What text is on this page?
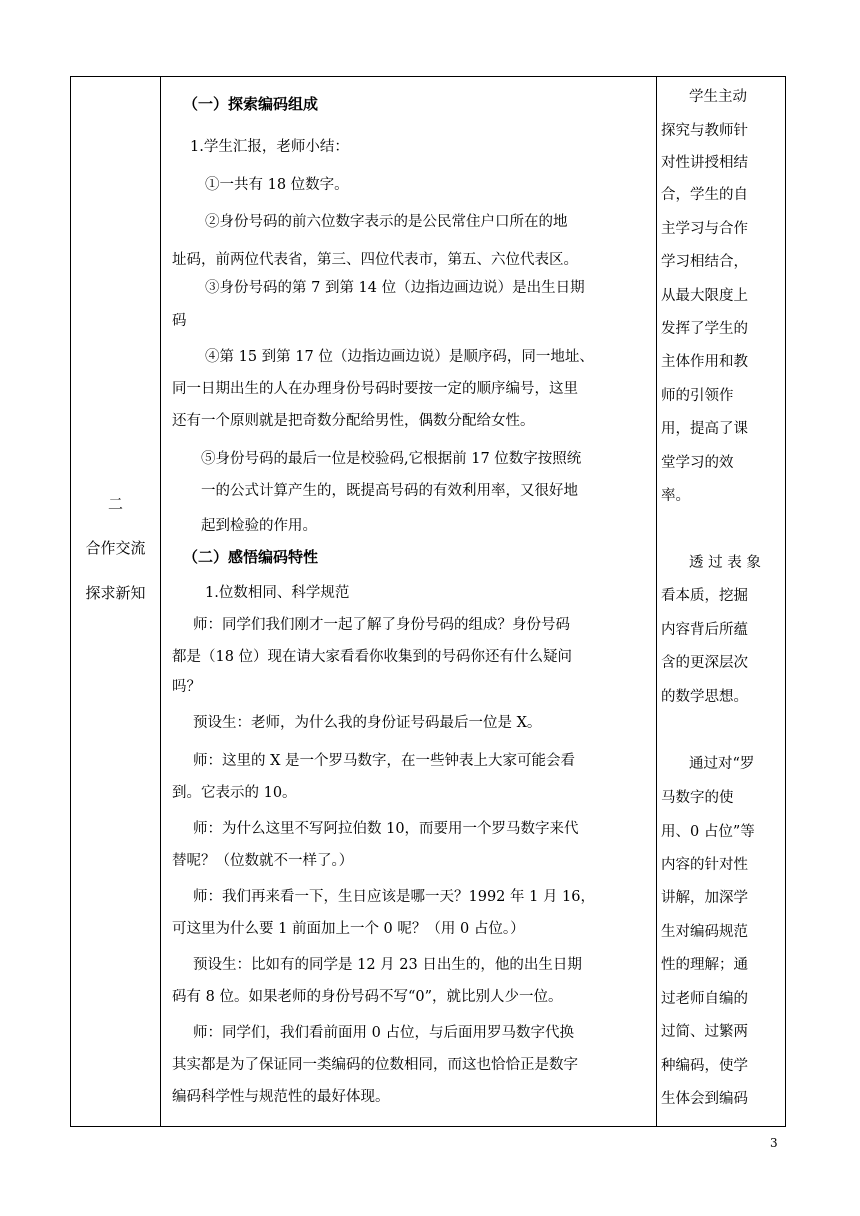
二
合作交流
探求新知
（一）探索编码组成
1.学生汇报，老师小结：
①一共有 18 位数字。
②身份号码的前六位数字表示的是公民常住户口所在的地
址码，前两位代表省，第三、四位代表市，第五、六位代表区。
③身份号码的第 7 到第 14 位（边指边画边说）是出生日期
码
④第 15 到第 17 位（边指边画边说）是顺序码，同一地址、
同一日期出生的人在办理身份号码时要按一定的顺序编号，这里
还有一个原则就是把奇数分配给男性，偶数分配给女性。
⑤身份号码的最后一位是校验码,它根据前 17 位数字按照统
一的公式计算产生的，既提高号码的有效利用率，又很好地
起到检验的作用。
（二）感悟编码特性
1.位数相同、科学规范
师：同学们我们刚才一起了解了身份号码的组成？身份号码
都是（18 位）现在请大家看看你收集到的号码你还有什么疑问
吗？
预设生：老师，为什么我的身份证号码最后一位是 X。
师：这里的 X 是一个罗马数字，在一些钟表上大家可能会看
到。它表示的 10。
师：为什么这里不写阿拉伯数 10，而要用一个罗马数字来代
替呢？（位数就不一样了。）
师：我们再来看一下，生日应该是哪一天？1992 年 1 月 16，
可这里为什么要 1 前面加上一个 0 呢？（用 0 占位。）
预设生：比如有的同学是 12 月 23 日出生的，他的出生日期
码有 8 位。如果老师的身份号码不写“0”，就比别人少一位。
师：同学们，我们看前面用 0 占位，与后面用罗马数字代换
其实都是为了保证同一类编码的位数相同，而这也恰恰正是数字
编码科学性与规范性的最好体现。
学生主动
探究与教师针
对性讲授相结
合，学生的自
主学习与合作
学习相结合，
从最大限度上
发挥了学生的
主体作用和教
师的引领作
用，提高了课
堂学习的效
率。
透 过 表 象
看本质，挖掘
内容背后所蕴
含的更深层次
的数学思想。
通过对“罗
马数字的使
用、0 占位”等
内容的针对性
讲解，加深学
生对编码规范
性的理解；通
过老师自编的
过简、过繁两
种编码，使学
生体会到编码
3
